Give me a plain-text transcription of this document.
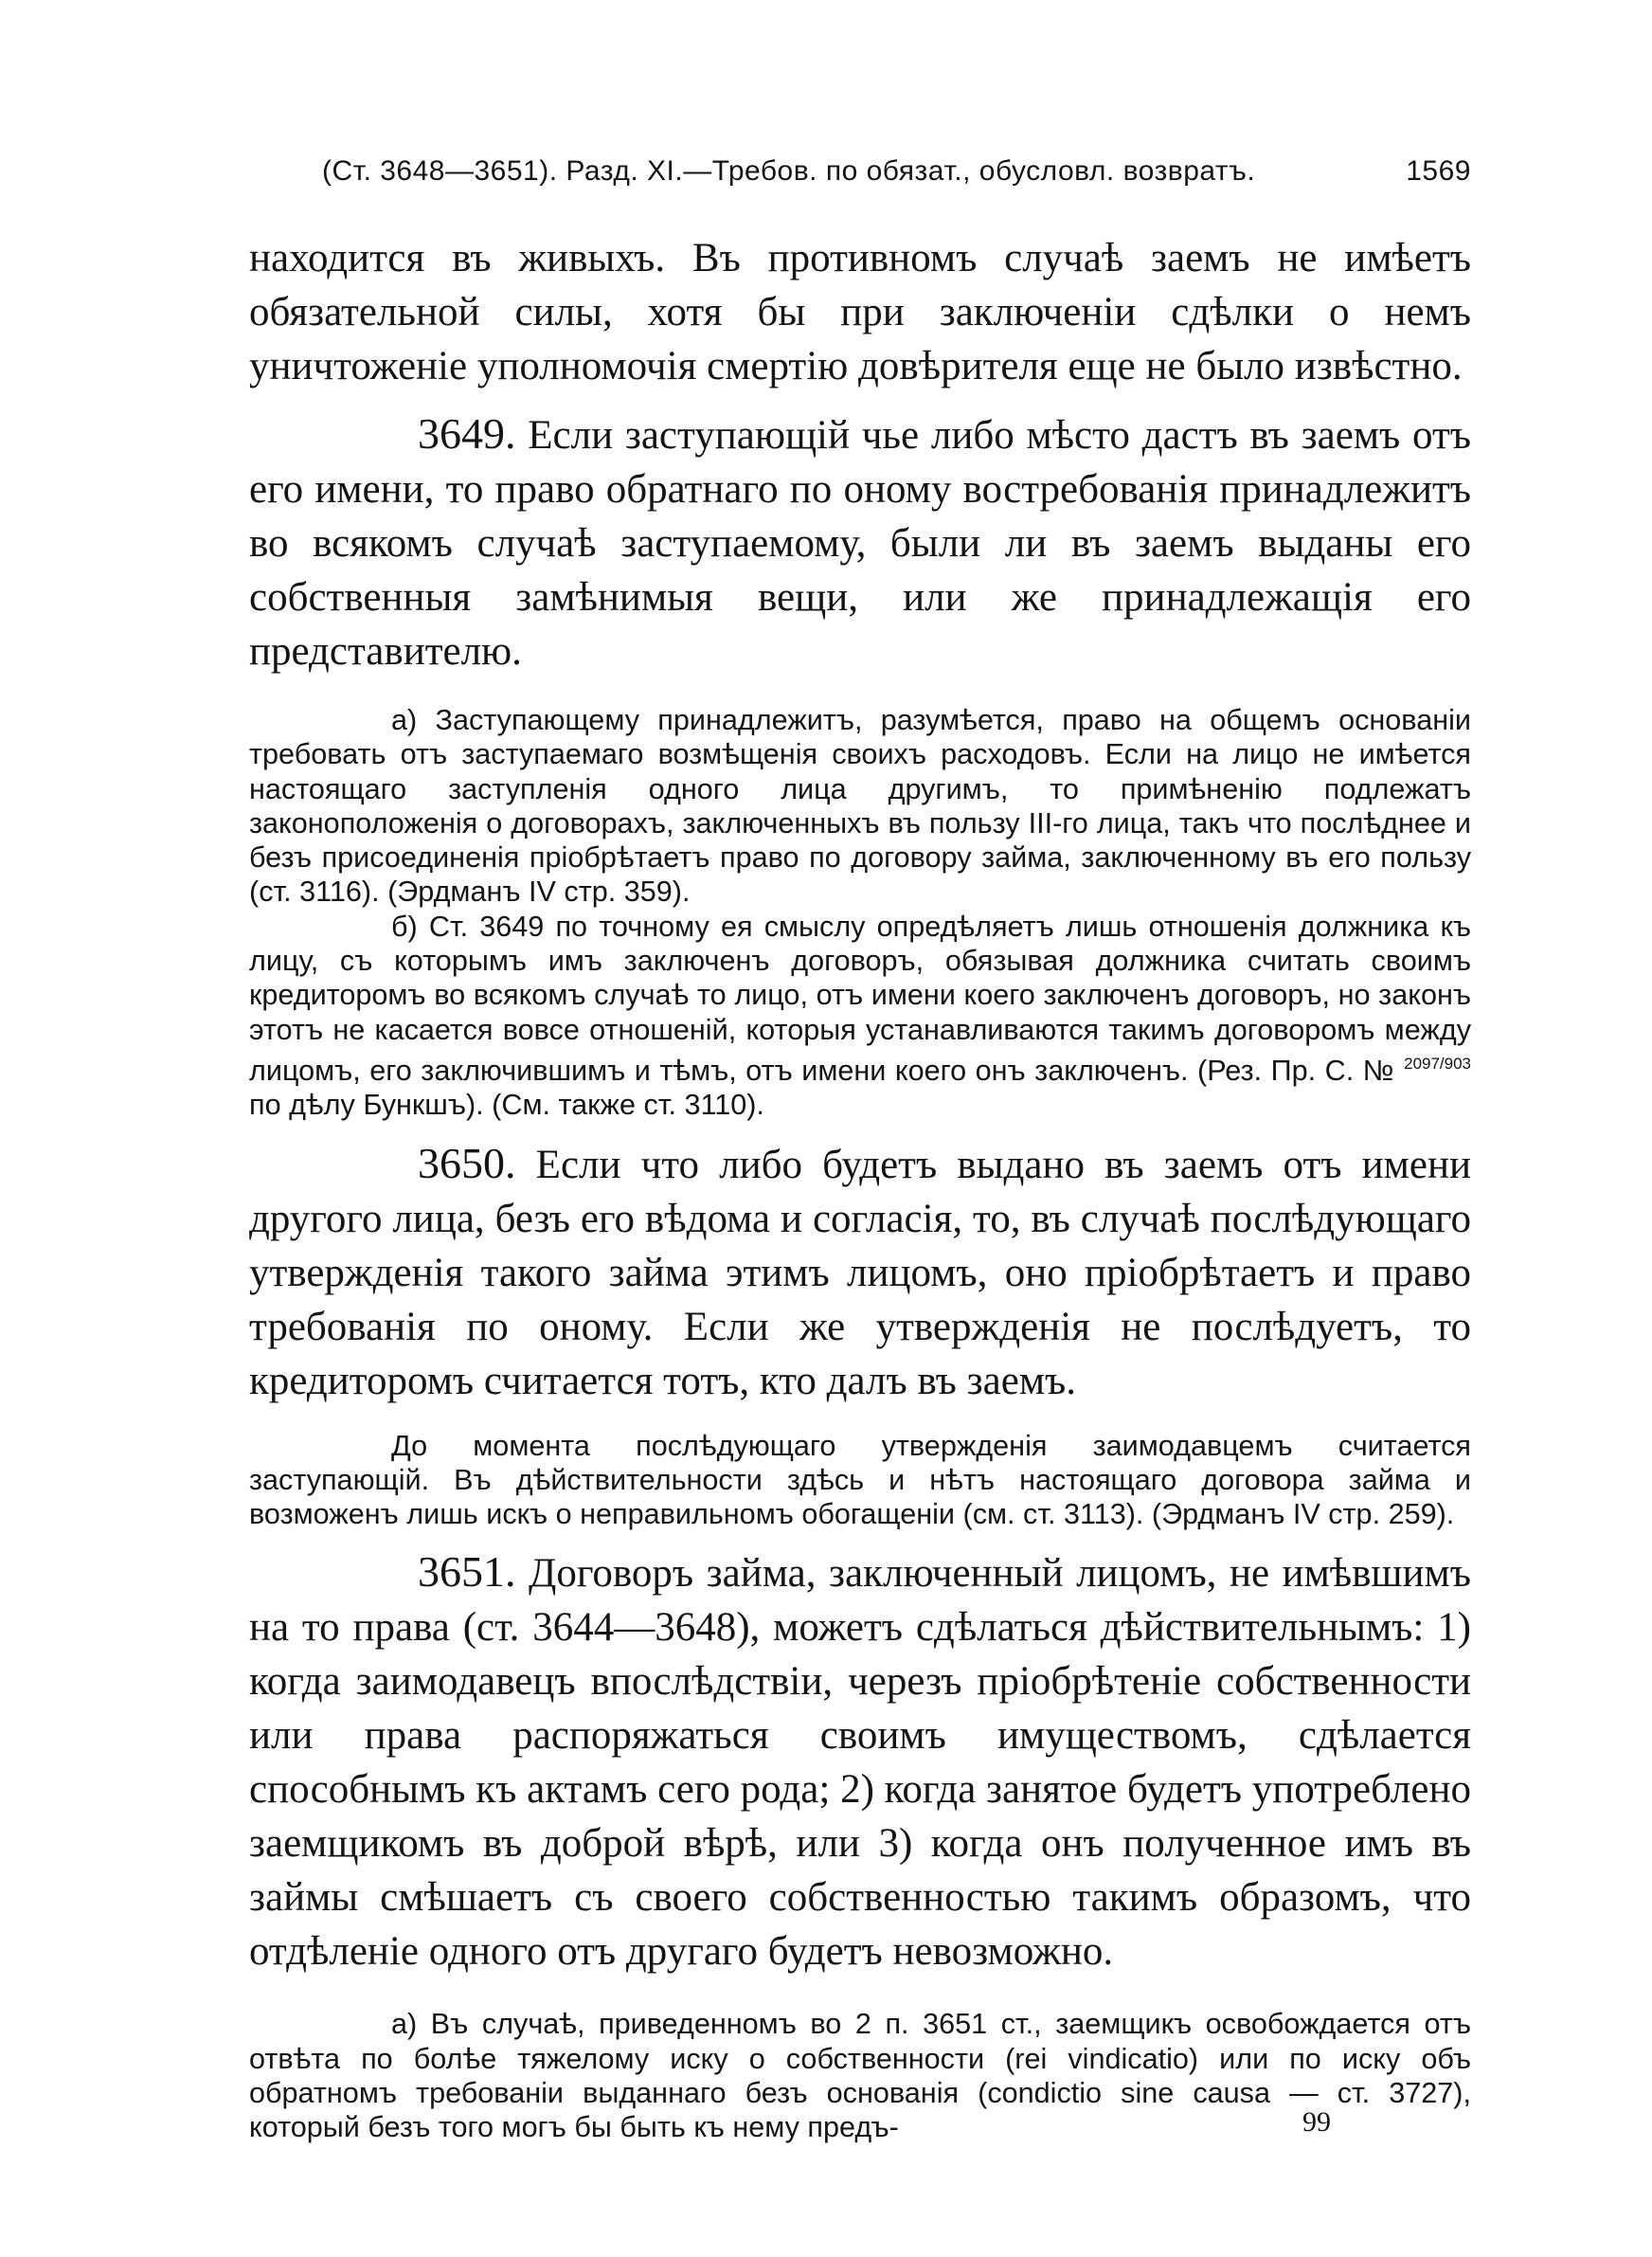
(Ст. 3648—3651). Разд. XI.—Требов. по обязат., обусловл. возвратъ.	1569

находится въ живыхъ. Въ противномъ случаѣ заемъ не имѣетъ обязательной силы, хотя бы при заключеніи сдѣлки о немъ уничтоженіе уполномочія смертію довѣрителя еще не было извѣстно.

3649. Если заступающій чье либо мѣсто дастъ въ заемъ отъ его имени, то право обратнаго по оному востребованія принадлежитъ во всякомъ случаѣ заступаемому, были ли въ заемъ выданы его собственныя замѣнимыя вещи, или же принадлежащія его представителю.

а) Заступающему принадлежитъ, разумѣется, право на общемъ основаніи требовать отъ заступаемаго возмѣщенія своихъ расходовъ. Если на лицо не имѣется настоящаго заступленія одного лица другимъ, то примѣненію подлежатъ законоположенія о договорахъ, заключенныхъ въ пользу III-го лица, такъ что послѣднее и безъ присоединенія пріобрѣтаетъ право по договору займа, заключенному въ его пользу (ст. 3116). (Эрдманъ IV стр. 359).

б) Ст. 3649 по точному ея смыслу опредѣляетъ лишь отношенія должника къ лицу, съ которымъ имъ заключенъ договоръ, обязывая должника считать своимъ кредиторомъ во всякомъ случаѣ то лицо, отъ имени коего заключенъ договоръ, но законъ этотъ не касается вовсе отношеній, которыя устанавливаются такимъ договоромъ между лицомъ, его заключившимъ и тѣмъ, отъ имени коего онъ заключенъ. (Рез. Пр. С. № $^{2097/903}$ по дѣлу Бункшъ). (См. также ст. 3110).

3650. Если что либо будетъ выдано въ заемъ отъ имени другого лица, безъ его вѣдома и согласія, то, въ случаѣ послѣдующаго утвержденія такого займа этимъ лицомъ, оно пріобрѣтаетъ и право требованія по оному. Если же утвержденія не послѣдуетъ, то кредиторомъ считается тотъ, кто далъ въ заемъ.

До момента послѣдующаго утвержденія заимодавцемъ считается заступающій. Въ дѣйствительности здѣсь и нѣтъ настоящаго договора займа и возможенъ лишь искъ о неправильномъ обогащеніи (см. ст. 3113). (Эрдманъ IV стр. 259).

3651. Договоръ займа, заключенный лицомъ, не имѣвшимъ на то права (ст. 3644—3648), можетъ сдѣлаться дѣйствительнымъ: 1) когда заимодавецъ впослѣдствіи, черезъ пріобрѣтеніе собственности или права распоряжаться своимъ имуществомъ, сдѣлается способнымъ къ актамъ сего рода; 2) когда занятое будетъ употреблено заемщикомъ въ доброй вѣрѣ, или 3) когда онъ полученное имъ въ займы смѣшаетъ съ своего собственностью такимъ образомъ, что отдѣленіе одного отъ другаго будетъ невозможно.

а) Въ случаѣ, приведенномъ во 2 п. 3651 ст., заемщикъ освобождается отъ отвѣта по болѣе тяжелому иску о собственности (rei vindicatio) или по иску объ обратномъ требованіи выданнаго безъ основанія (condictio sine causa — ст. 3727), который безъ того могъ бы быть къ нему предъ-	99
